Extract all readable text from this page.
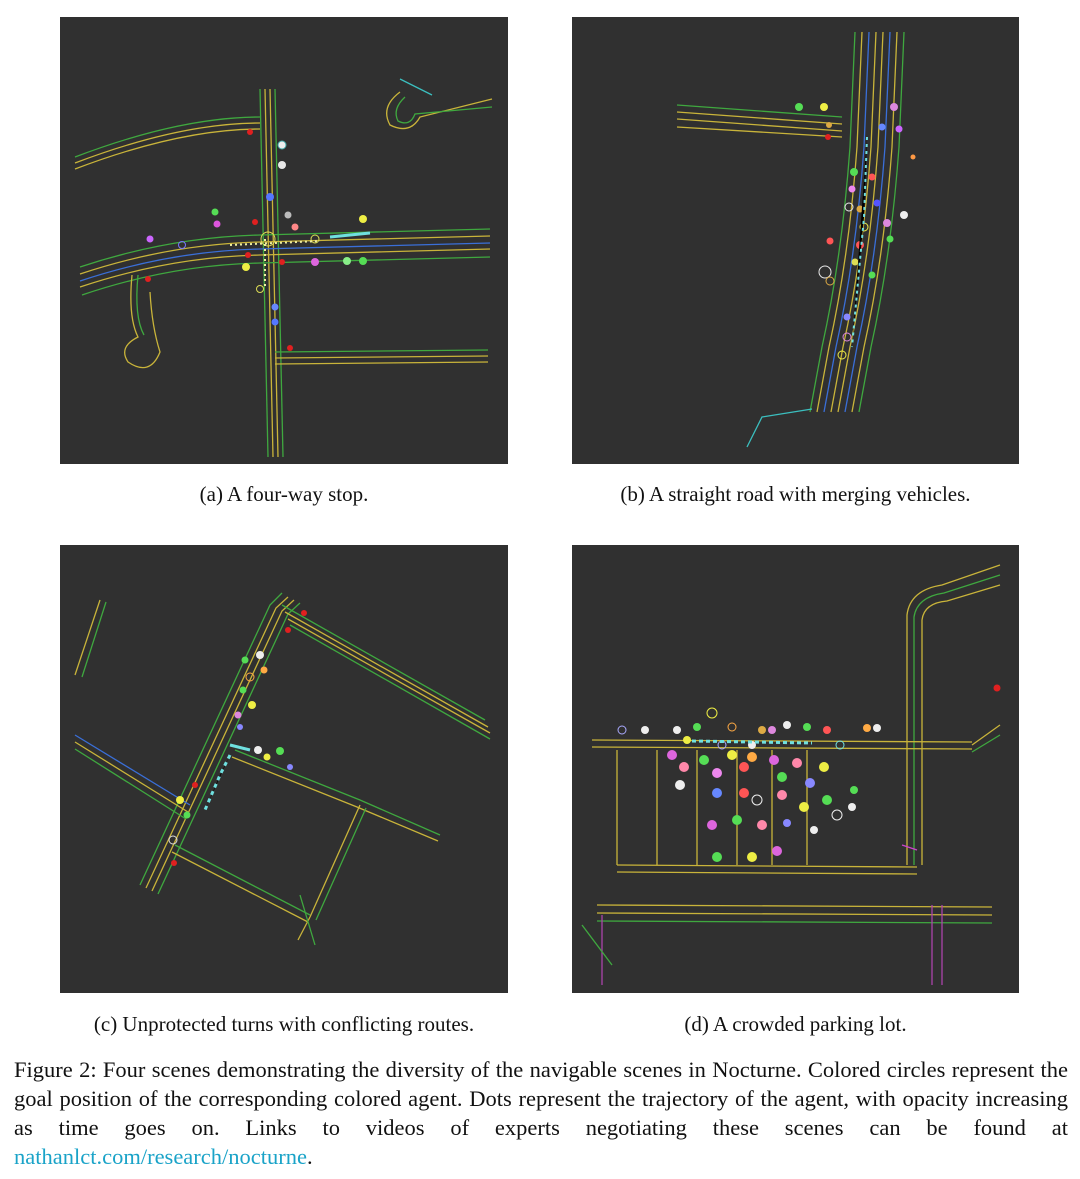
(a) A four-way stop.	(b) A straight road with merging vehicles.
(c) Unprotected turns with conflicting routes.	(d) A crowded parking lot.
Figure 2: Four scenes demonstrating the diversity of the navigable scenes in Nocturne. Colored circles represent the goal position of the corresponding colored agent. Dots represent the trajectory of the agent, with opacity increasing as time goes on. Links to videos of experts negotiating these scenes can be found at nathanlct.com/research/nocturne.
